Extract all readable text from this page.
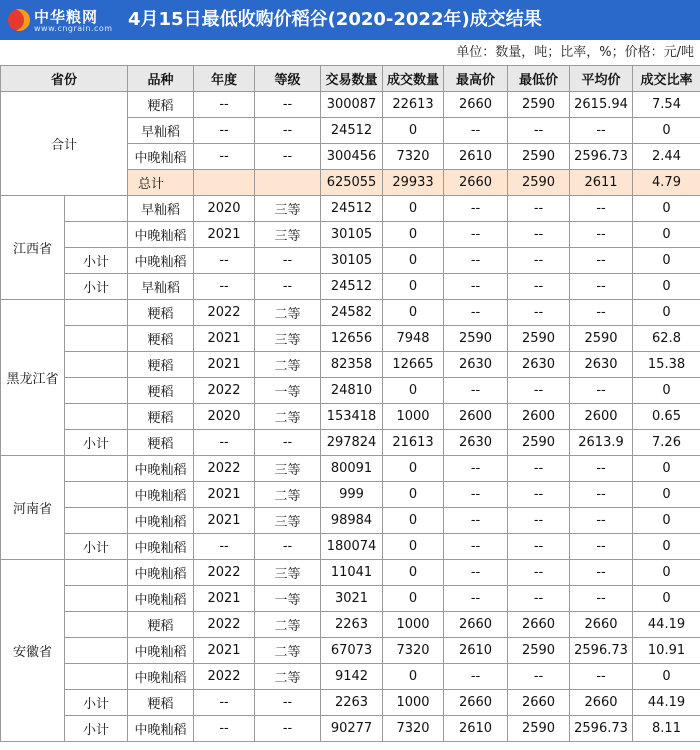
中华粮网
www.cngrain.com 4月15日最低收购价稻谷(2020-2022年)成交结果
单位：数量，吨；比率，%；价格：元/吨
省份		品种	年度	等级	交易数量	成交数量	最高价	最低价	平均价	成交比率
合计		粳稻	--	--	300087	22613	2660	2590	2615.94	7.54
		早籼稻	--	--	24512	0	--	--	--	0
		中晚籼稻	--	--	300456	7320	2610	2590	2596.73	2.44
		总计			625055	29933	2660	2590	2611	4.79
江西省		早籼稻	2020	三等	24512	0	--	--	--	0
		中晚籼稻	2021	三等	30105	0	--	--	--	0
	小计	中晚籼稻	--	--	30105	0	--	--	--	0
	小计	早籼稻	--	--	24512	0	--	--	--	0
黑龙江省		粳稻	2022	二等	24582	0	--	--	--	0
		粳稻	2021	三等	12656	7948	2590	2590	2590	62.8
		粳稻	2021	二等	82358	12665	2630	2630	2630	15.38
		粳稻	2022	一等	24810	0	--	--	--	0
		粳稻	2020	二等	153418	1000	2600	2600	2600	0.65
	小计	粳稻	--	--	297824	21613	2630	2590	2613.9	7.26
河南省		中晚籼稻	2022	三等	80091	0	--	--	--	0
		中晚籼稻	2021	二等	999	0	--	--	--	0
		中晚籼稻	2021	三等	98984	0	--	--	--	0
	小计	中晚籼稻	--	--	180074	0	--	--	--	0
安徽省		中晚籼稻	2022	三等	11041	0	--	--	--	0
		中晚籼稻	2021	一等	3021	0	--	--	--	0
		粳稻	2022	二等	2263	1000	2660	2660	2660	44.19
		中晚籼稻	2021	二等	67073	7320	2610	2590	2596.73	10.91
		中晚籼稻	2022	二等	9142	0	--	--	--	0
	小计	粳稻	--	--	2263	1000	2660	2660	2660	44.19
	小计	中晚籼稻	--	--	90277	7320	2610	2590	2596.73	8.11
